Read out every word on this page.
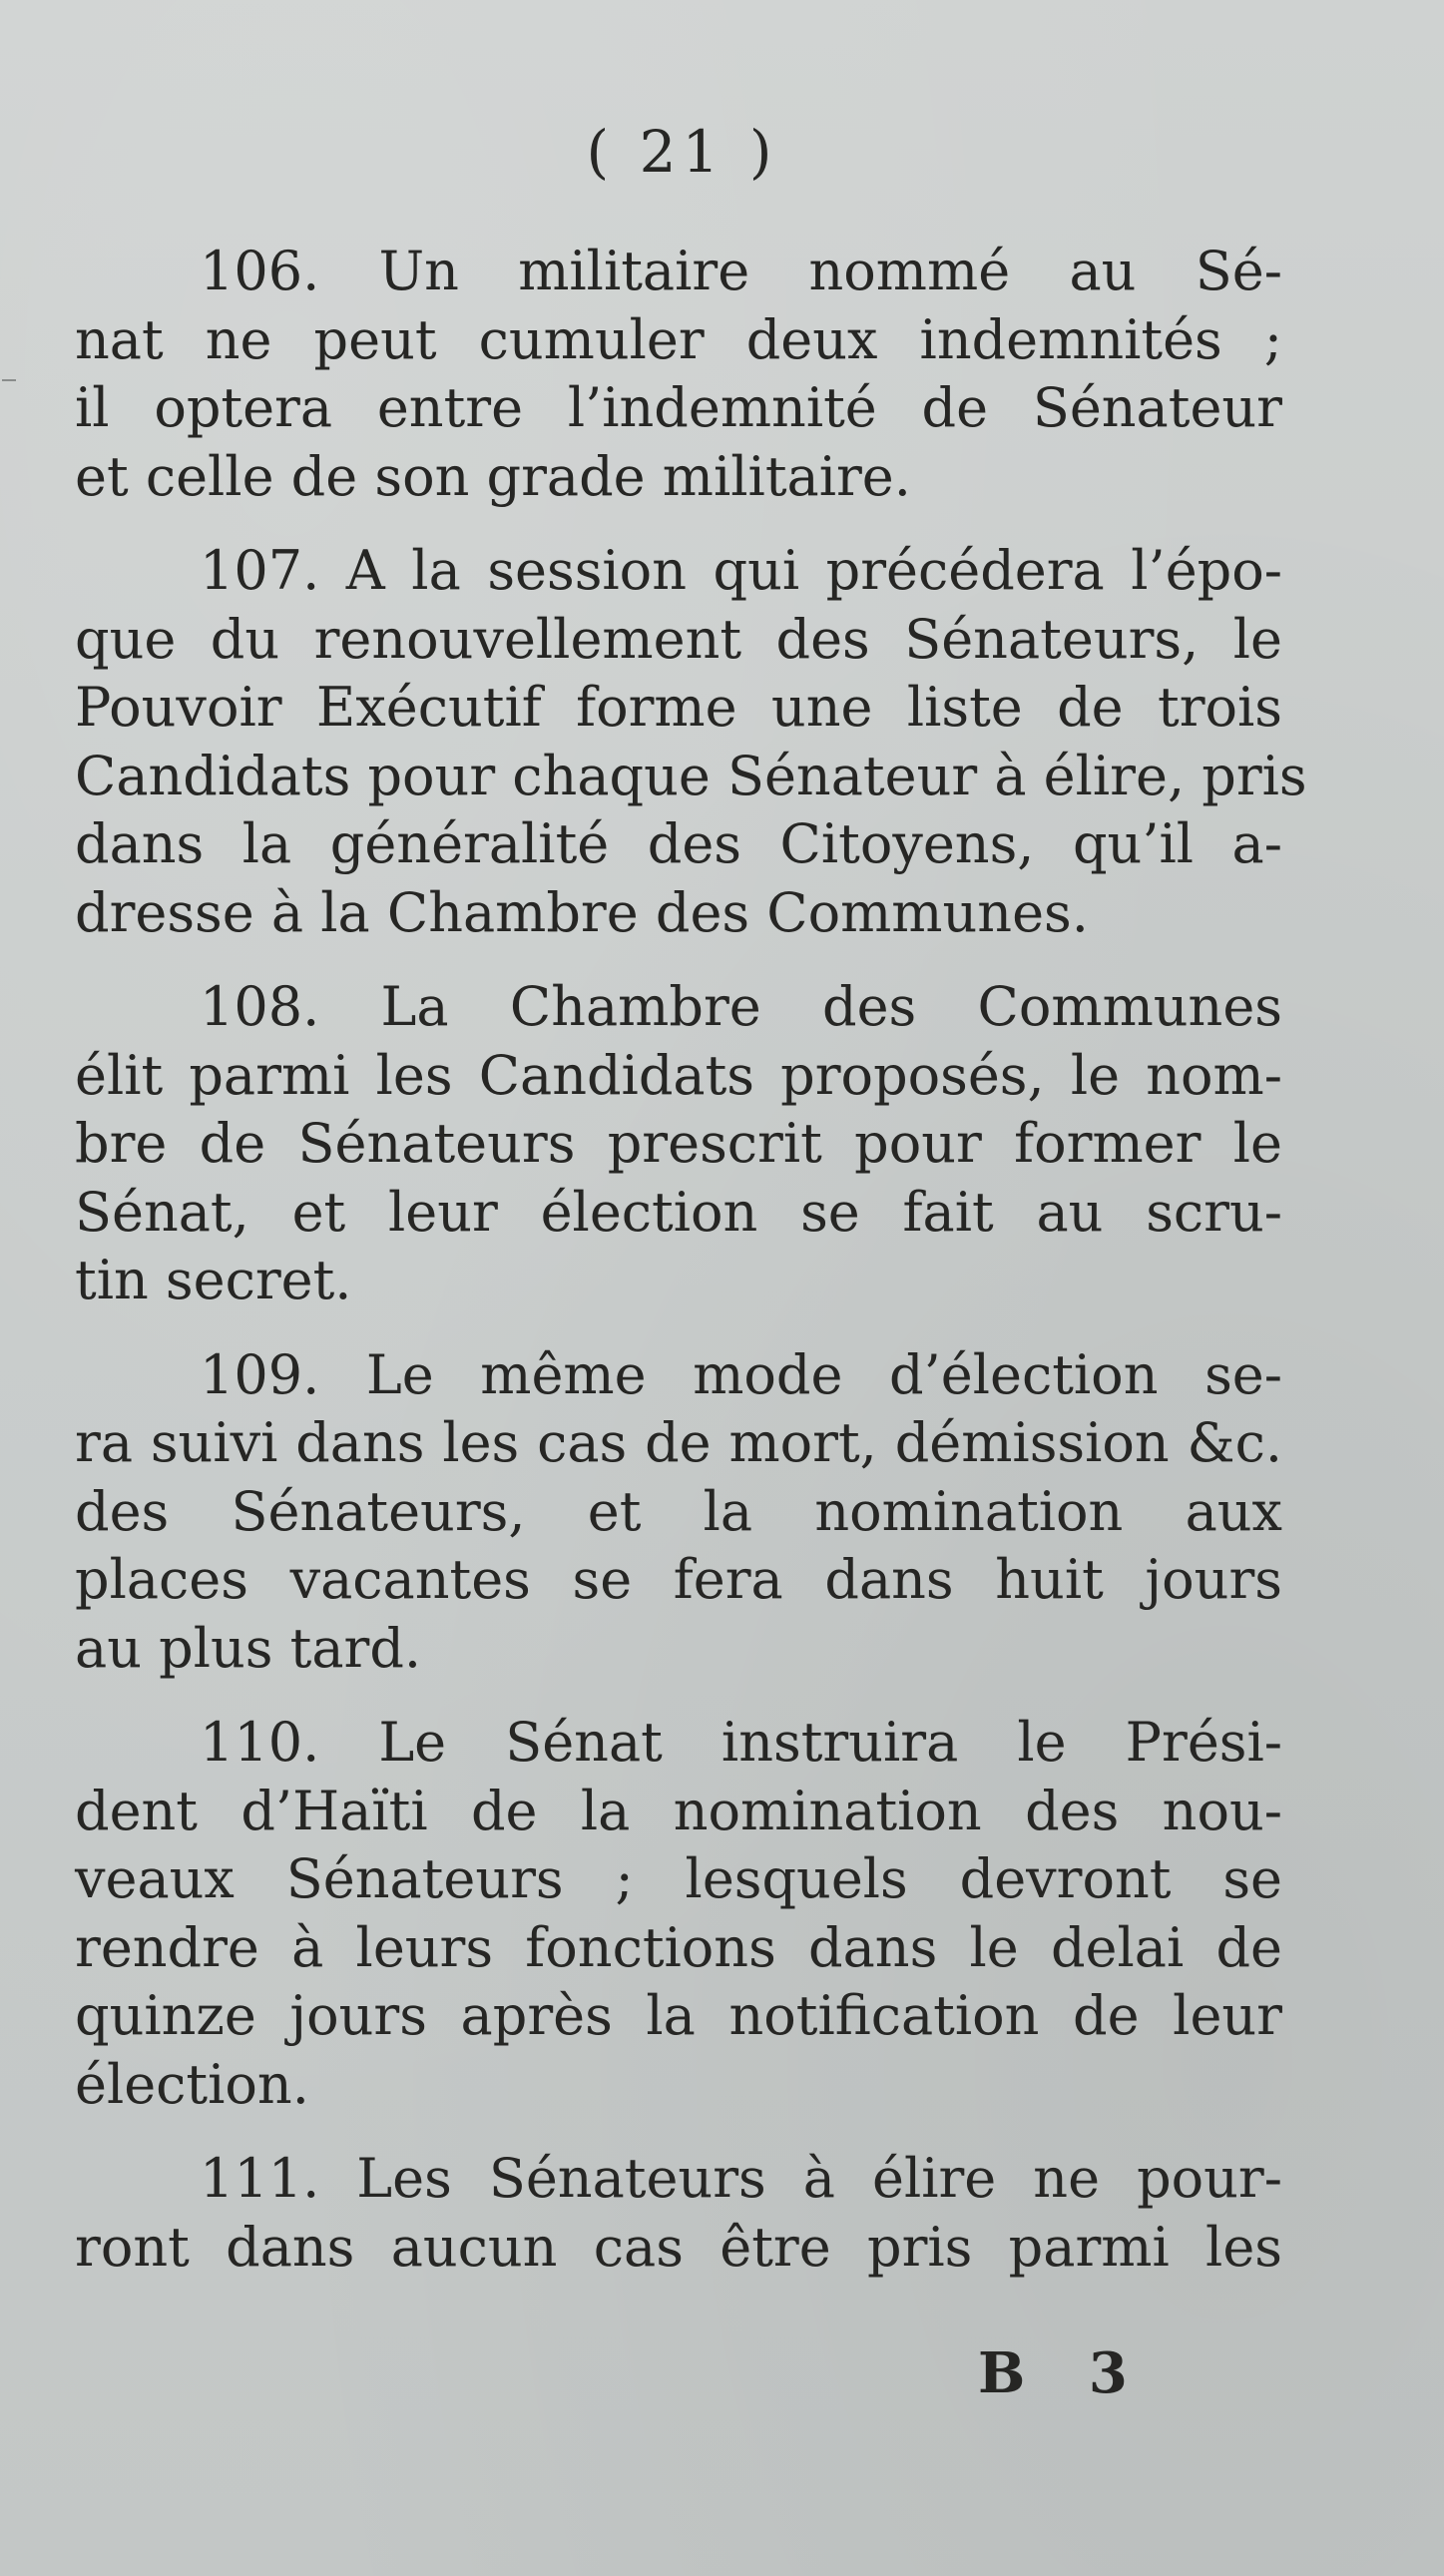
( 21 )
106. Un militaire nommé au Sé-
nat ne peut cumuler deux indemnités ;
il optera entre l’indemnité de Sénateur
et celle de son grade militaire.
107. A la session qui précédera l’épo-
que du renouvellement des Sénateurs, le
Pouvoir Exécutif forme une liste de trois
Candidats pour chaque Sénateur à élire, pris
dans la généralité des Citoyens, qu’il a-
dresse à la Chambre des Communes.
108. La Chambre des Communes
élit parmi les Candidats proposés, le nom-
bre de Sénateurs prescrit pour former le
Sénat, et leur élection se fait au scru-
tin secret.
109. Le même mode d’élection se-
ra suivi dans les cas de mort, démission &c.
des Sénateurs, et la nomination aux
places vacantes se fera dans huit jours
au plus tard.
110. Le Sénat instruira le Prési-
dent d’Haïti de la nomination des nou-
veaux Sénateurs ; lesquels devront se
rendre à leurs fonctions dans le delai de
quinze jours après la notification de leur
élection.
111. Les Sénateurs à élire ne pour-
ront dans aucun cas être pris parmi les
B 3
